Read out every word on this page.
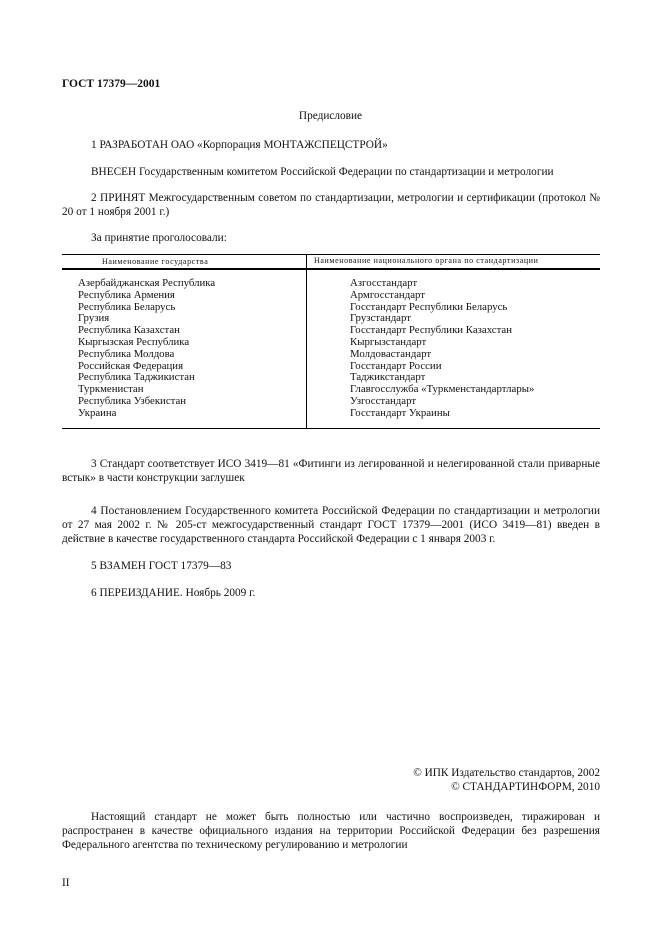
ГОСТ 17379—2001
Предисловие
1 РАЗРАБОТАН ОАО «Корпорация МОНТАЖСПЕЦСТРОЙ»
ВНЕСЕН Государственным комитетом Российской Федерации по стандартизации и метрологии
2 ПРИНЯТ Межгосударственным советом по стандартизации, метрологии и сертификации (протокол № 20 от 1 ноября 2001 г.)
За принятие проголосовали:
Наименование государства	Наименование национального органа по стандартизации
Азербайджанская Республика
Республика Армения
Республика Беларусь
Грузия
Республика Казахстан
Кыргызская Республика
Республика Молдова
Российская Федерация
Республика Таджикистан
Туркменистан
Республика Узбекистан
Украина
Азгосстандарт
Армгосстандарт
Госстандарт Республики Беларусь
Грузстандарт
Госстандарт Республики Казахстан
Кыргызстандарт
Молдовастандарт
Госстандарт России
Таджикстандарт
Главгосслужба «Туркменстандартлары»
Узгосстандарт
Госстандарт Украины
3 Стандарт соответствует ИСО 3419—81 «Фитинги из легированной и нелегированной стали приварные встык» в части конструкции заглушек
4 Постановлением Государственного комитета Российской Федерации по стандартизации и метрологии от 27 мая 2002 г. № 205-ст межгосударственный стандарт ГОСТ 17379—2001 (ИСО 3419—81) введен в действие в качестве государственного стандарта Российской Федерации с 1 января 2003 г.
5 ВЗАМЕН ГОСТ 17379—83
6 ПЕРЕИЗДАНИЕ. Ноябрь 2009 г.
© ИПК Издательство стандартов, 2002
© СТАНДАРТИНФОРМ, 2010
Настоящий стандарт не может быть полностью или частично воспроизведен, тиражирован и распространен в качестве официального издания на территории Российской Федерации без разрешения Федерального агентства по техническому регулированию и метрологии
II
